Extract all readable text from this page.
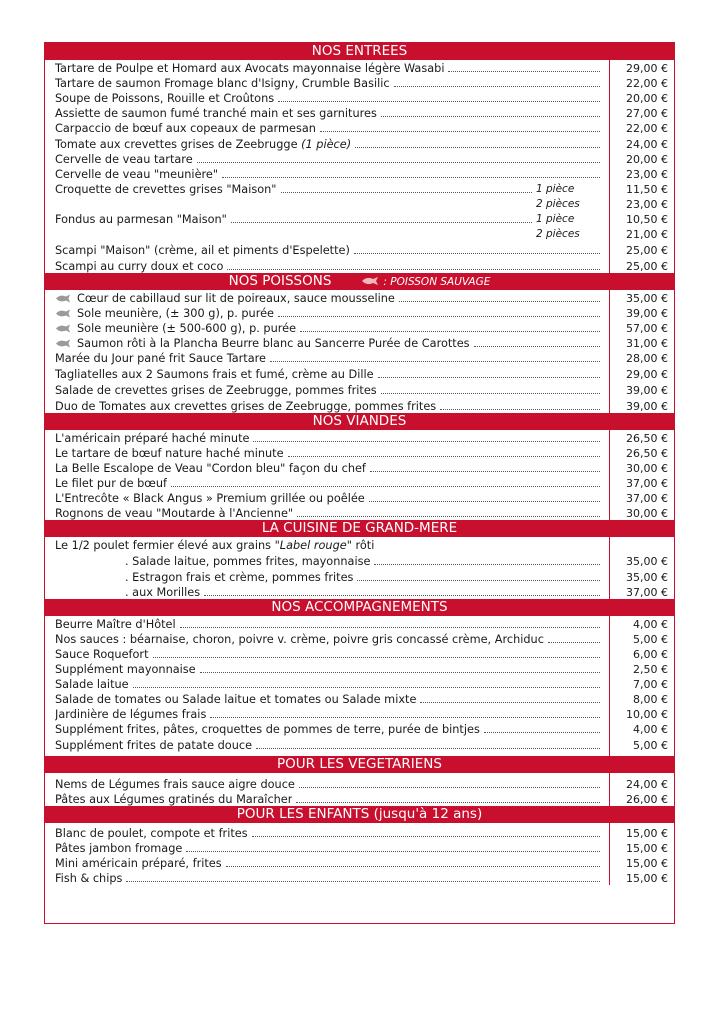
NOS ENTREES
Tartare de Poulpe et Homard aux Avocats mayonnaise légère Wasabi	29,00 €
Tartare de saumon Fromage blanc d'Isigny, Crumble Basilic	22,00 €
Soupe de Poissons, Rouille et Croûtons	20,00 €
Assiette de saumon fumé tranché main et ses garnitures	27,00 €
Carpaccio de bœuf aux copeaux de parmesan	22,00 €
Tomate aux crevettes grises de Zeebrugge (1 pièce)	24,00 €
Cervelle de veau tartare	20,00 €
Cervelle de veau "meunière"	23,00 €
Croquette de crevettes grises "Maison"	1 pièce	11,50 €
2 pièces	23,00 €
Fondus au parmesan "Maison"	1 pièce	10,50 €
2 pièces	21,00 €
Scampi "Maison" (crème, ail et piments d'Espelette)	25,00 €
Scampi au curry doux et coco	25,00 €
NOS POISSONS	: POISSON SAUVAGE
Cœur de cabillaud sur lit de poireaux, sauce mousseline	35,00 €
Sole meunière, (± 300 g), p. purée	39,00 €
Sole meunière (± 500-600 g), p. purée	57,00 €
Saumon rôti à la Plancha Beurre blanc au Sancerre Purée de Carottes	31,00 €
Marée du Jour pané frit Sauce Tartare	28,00 €
Tagliatelles aux 2 Saumons frais et fumé, crème au Dille	29,00 €
Salade de crevettes grises de Zeebrugge, pommes frites	39,00 €
Duo de Tomates aux crevettes grises de Zeebrugge, pommes frites	39,00 €
NOS VIANDES
L'américain préparé haché minute	26,50 €
Le tartare de bœuf nature haché minute	26,50 €
La Belle Escalope de Veau "Cordon bleu" façon du chef	30,00 €
Le filet pur de bœuf	37,00 €
L'Entrecôte « Black Angus » Premium grillée ou poêlée	37,00 €
Rognons de veau "Moutarde à l'Ancienne"	30,00 €
LA CUISINE DE GRAND-MERE
Le 1/2 poulet fermier élevé aux grains "Label rouge" rôti
. Salade laitue, pommes frites, mayonnaise	35,00 €
. Estragon frais et crème, pommes frites	35,00 €
. aux Morilles	37,00 €
NOS ACCOMPAGNEMENTS
Beurre Maître d'Hôtel	4,00 €
Nos sauces : béarnaise, choron, poivre v. crème, poivre gris concassé crème, Archiduc	5,00 €
Sauce Roquefort	6,00 €
Supplément mayonnaise	2,50 €
Salade laitue	7,00 €
Salade de tomates ou Salade laitue et tomates ou Salade mixte	8,00 €
Jardinière de légumes frais	10,00 €
Supplément frites, pâtes, croquettes de pommes de terre, purée de bintjes	4,00 €
Supplément frites de patate douce	5,00 €
POUR LES VEGETARIENS
Nems de Légumes frais sauce aigre douce	24,00 €
Pâtes aux Légumes gratinés du Maraîcher	26,00 €
POUR LES ENFANTS (jusqu'à 12 ans)
Blanc de poulet, compote et frites	15,00 €
Pâtes jambon fromage	15,00 €
Mini américain préparé, frites	15,00 €
Fish & chips	15,00 €
